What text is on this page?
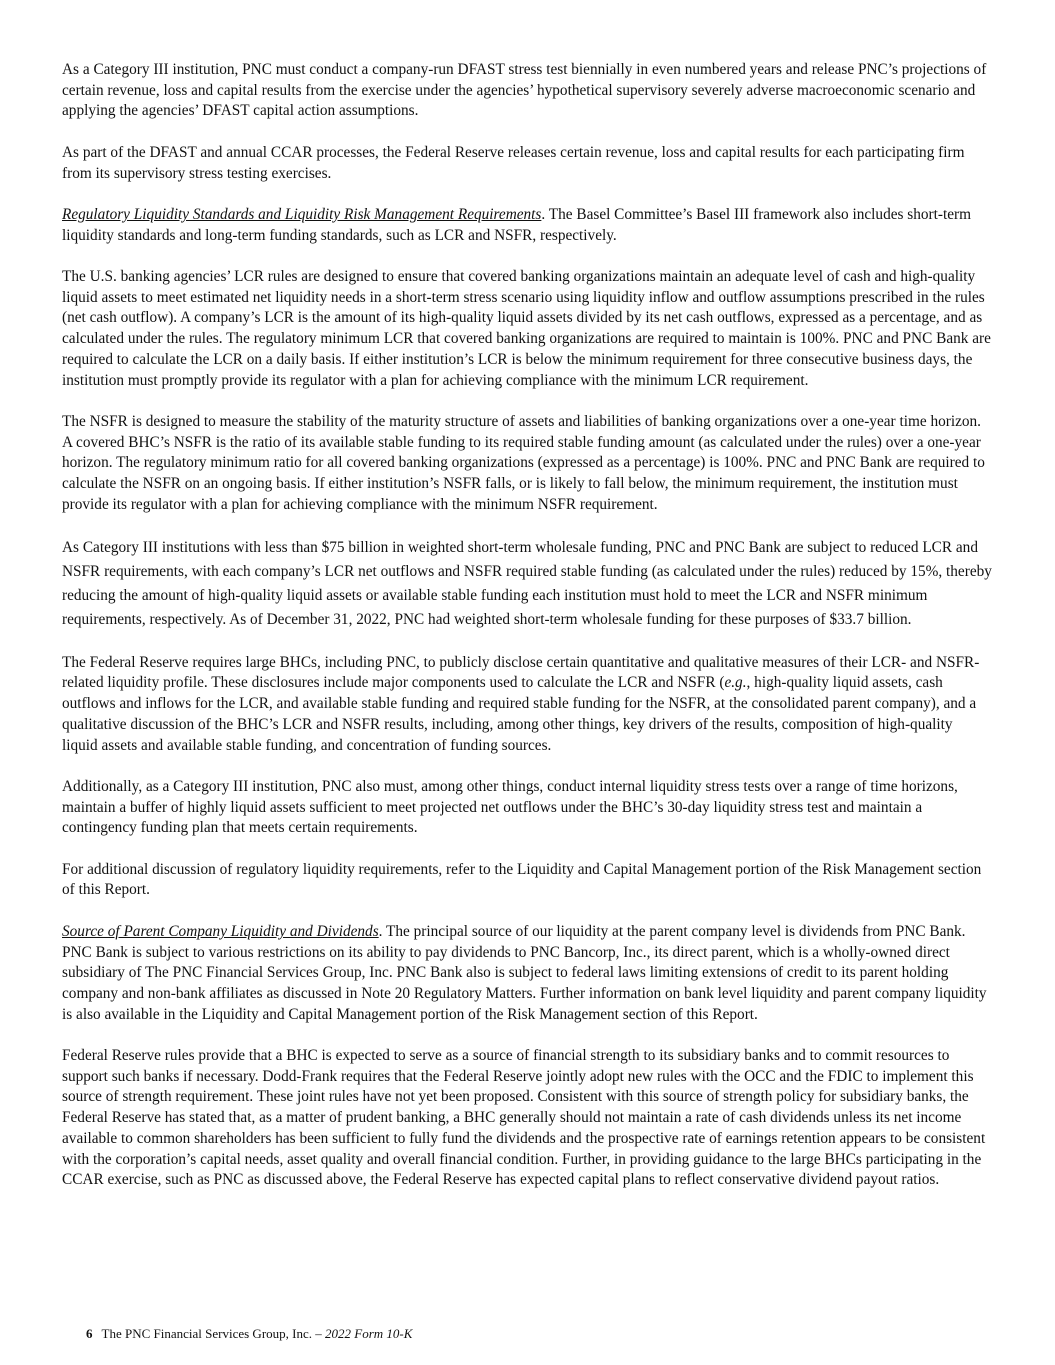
As a Category III institution, PNC must conduct a company-run DFAST stress test biennially in even numbered years and release PNC’s projections of certain revenue, loss and capital results from the exercise under the agencies’ hypothetical supervisory severely adverse macroeconomic scenario and applying the agencies’ DFAST capital action assumptions.

As part of the DFAST and annual CCAR processes, the Federal Reserve releases certain revenue, loss and capital results for each participating firm from its supervisory stress testing exercises.

Regulatory Liquidity Standards and Liquidity Risk Management Requirements. The Basel Committee’s Basel III framework also includes short-term liquidity standards and long-term funding standards, such as LCR and NSFR, respectively.

The U.S. banking agencies’ LCR rules are designed to ensure that covered banking organizations maintain an adequate level of cash and high-quality liquid assets to meet estimated net liquidity needs in a short-term stress scenario using liquidity inflow and outflow assumptions prescribed in the rules (net cash outflow). A company’s LCR is the amount of its high-quality liquid assets divided by its net cash outflows, expressed as a percentage, and as calculated under the rules. The regulatory minimum LCR that covered banking organizations are required to maintain is 100%. PNC and PNC Bank are required to calculate the LCR on a daily basis. If either institution’s LCR is below the minimum requirement for three consecutive business days, the institution must promptly provide its regulator with a plan for achieving compliance with the minimum LCR requirement.

The NSFR is designed to measure the stability of the maturity structure of assets and liabilities of banking organizations over a one-year time horizon. A covered BHC’s NSFR is the ratio of its available stable funding to its required stable funding amount (as calculated under the rules) over a one-year horizon. The regulatory minimum ratio for all covered banking organizations (expressed as a percentage) is 100%. PNC and PNC Bank are required to calculate the NSFR on an ongoing basis. If either institution’s NSFR falls, or is likely to fall below, the minimum requirement, the institution must provide its regulator with a plan for achieving compliance with the minimum NSFR requirement.

As Category III institutions with less than $75 billion in weighted short-term wholesale funding, PNC and PNC Bank are subject to reduced LCR and NSFR requirements, with each company’s LCR net outflows and NSFR required stable funding (as calculated under the rules) reduced by 15%, thereby reducing the amount of high-quality liquid assets or available stable funding each institution must hold to meet the LCR and NSFR minimum requirements, respectively. As of December 31, 2022, PNC had weighted short-term wholesale funding for these purposes of $33.7 billion.

The Federal Reserve requires large BHCs, including PNC, to publicly disclose certain quantitative and qualitative measures of their LCR- and NSFR-related liquidity profile. These disclosures include major components used to calculate the LCR and NSFR (e.g., high-quality liquid assets, cash outflows and inflows for the LCR, and available stable funding and required stable funding for the NSFR, at the consolidated parent company), and a qualitative discussion of the BHC’s LCR and NSFR results, including, among other things, key drivers of the results, composition of high-quality liquid assets and available stable funding, and concentration of funding sources.

Additionally, as a Category III institution, PNC also must, among other things, conduct internal liquidity stress tests over a range of time horizons, maintain a buffer of highly liquid assets sufficient to meet projected net outflows under the BHC’s 30-day liquidity stress test and maintain a contingency funding plan that meets certain requirements.

For additional discussion of regulatory liquidity requirements, refer to the Liquidity and Capital Management portion of the Risk Management section of this Report.

Source of Parent Company Liquidity and Dividends. The principal source of our liquidity at the parent company level is dividends from PNC Bank. PNC Bank is subject to various restrictions on its ability to pay dividends to PNC Bancorp, Inc., its direct parent, which is a wholly-owned direct subsidiary of The PNC Financial Services Group, Inc. PNC Bank also is subject to federal laws limiting extensions of credit to its parent holding company and non-bank affiliates as discussed in Note 20 Regulatory Matters. Further information on bank level liquidity and parent company liquidity is also available in the Liquidity and Capital Management portion of the Risk Management section of this Report.

Federal Reserve rules provide that a BHC is expected to serve as a source of financial strength to its subsidiary banks and to commit resources to support such banks if necessary. Dodd-Frank requires that the Federal Reserve jointly adopt new rules with the OCC and the FDIC to implement this source of strength requirement. These joint rules have not yet been proposed. Consistent with this source of strength policy for subsidiary banks, the Federal Reserve has stated that, as a matter of prudent banking, a BHC generally should not maintain a rate of cash dividends unless its net income available to common shareholders has been sufficient to fully fund the dividends and the prospective rate of earnings retention appears to be consistent with the corporation’s capital needs, asset quality and overall financial condition. Further, in providing guidance to the large BHCs participating in the CCAR exercise, such as PNC as discussed above, the Federal Reserve has expected capital plans to reflect conservative dividend payout ratios.

6 The PNC Financial Services Group, Inc. – 2022 Form 10-K
